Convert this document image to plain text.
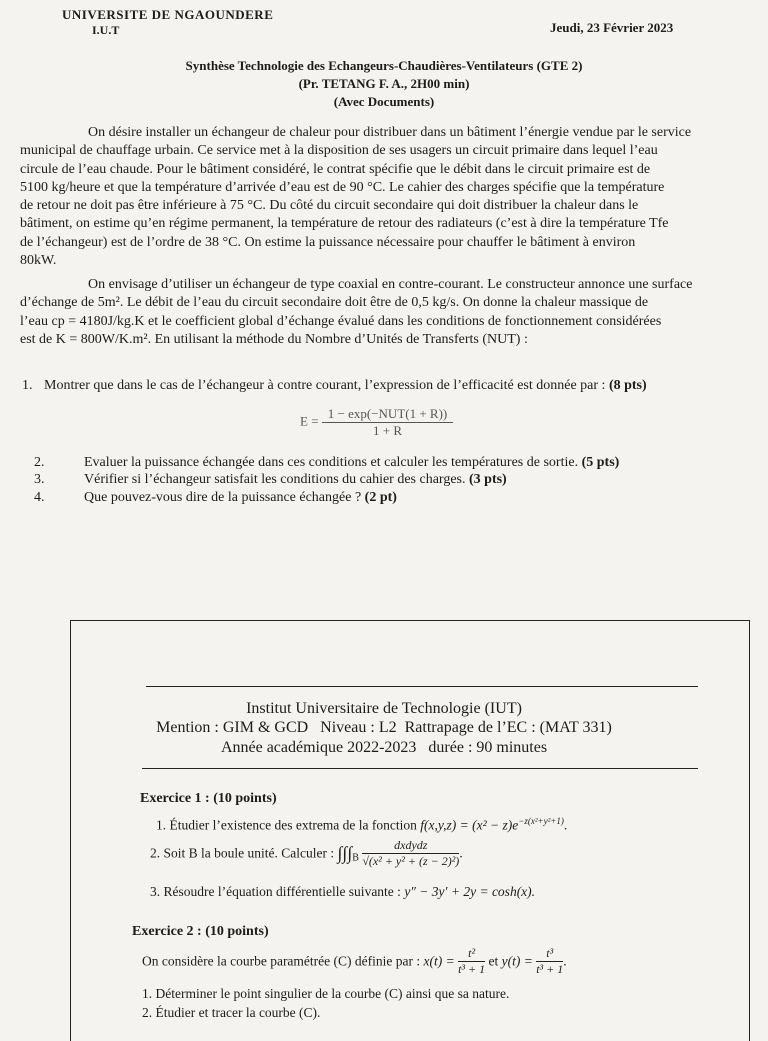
UNIVERSITE DE NGAOUNDERE
I.U.T	Jeudi, 23 Février 2023
Synthèse Technologie des Echangeurs-Chaudières-Ventilateurs (GTE 2)
(Pr. TETANG F. A., 2H00 min)
(Avec Documents)
On désire installer un échangeur de chaleur pour distribuer dans un bâtiment l’énergie vendue par le service
municipal de chauffage urbain. Ce service met à la disposition de ses usagers un circuit primaire dans lequel l’eau
circule de l’eau chaude. Pour le bâtiment considéré, le contrat spécifie que le débit dans le circuit primaire est de
5100 kg/heure et que la température d’arrivée d’eau est de 90 °C. Le cahier des charges spécifie que la température
de retour ne doit pas être inférieure à 75 °C. Du côté du circuit secondaire qui doit distribuer la chaleur dans le
bâtiment, on estime qu’en régime permanent, la température de retour des radiateurs (c’est à dire la température Tfe
de l’échangeur) est de l’ordre de 38 °C. On estime la puissance nécessaire pour chauffer le bâtiment à environ
80kW.
On envisage d’utiliser un échangeur de type coaxial en contre-courant. Le constructeur annonce une surface
d’échange de 5m². Le débit de l’eau du circuit secondaire doit être de 0,5 kg/s. On donne la chaleur massique de
l’eau cp = 4180J/kg.K et le coefficient global d’échange évalué dans les conditions de fonctionnement considérées
est de K = 800W/K.m². En utilisant la méthode du Nombre d’Unités de Transferts (NUT) :
1. Montrer que dans le cas de l’échangeur à contre courant, l’expression de l’efficacité est donnée par : (8 pts)
$E = \frac{\text{1 − exp(−NUT(1 + R))}}{1 + R}$
2.	Evaluer la puissance échangée dans ces conditions et calculer les températures de sortie. (5 pts)
3.	Vérifier si l’échangeur satisfait les conditions du cahier des charges. (3 pts)
4.	Que pouvez-vous dire de la puissance échangée ? (2 pt)
Institut Universitaire de Technologie (IUT)
Mention : GIM & GCD   Niveau : L2  Rattrapage de l’EC : (MAT 331)
Année académique 2022-2023   durée : 90 minutes
Exercice 1 : (10 points)
1. Étudier l’existence des extrema de la fonction $f(x,y,z) = (x^2 - z)e^{-z(x^2+y^2+1)}$.
2. Soit B la boule unité. Calculer : $\int\int\int_B \frac{\text{dxdydz}}{\text{√(x² + y² + (z − 2)²)}}$ .
3. Résoudre l’équation différentielle suivante : y″ − 3y′ + 2y = cosh(x).
Exercice 2 : (10 points)
On considère la courbe paramétrée (C) définie par : $x(t) = \frac{\text{t²}}{\text{t³ + 1}}$ et $y(t) = \frac{\text{t³}}{\text{t³ + 1}}$ .
1. Déterminer le point singulier de la courbe (C) ainsi que sa nature.
2. Étudier et tracer la courbe (C).
